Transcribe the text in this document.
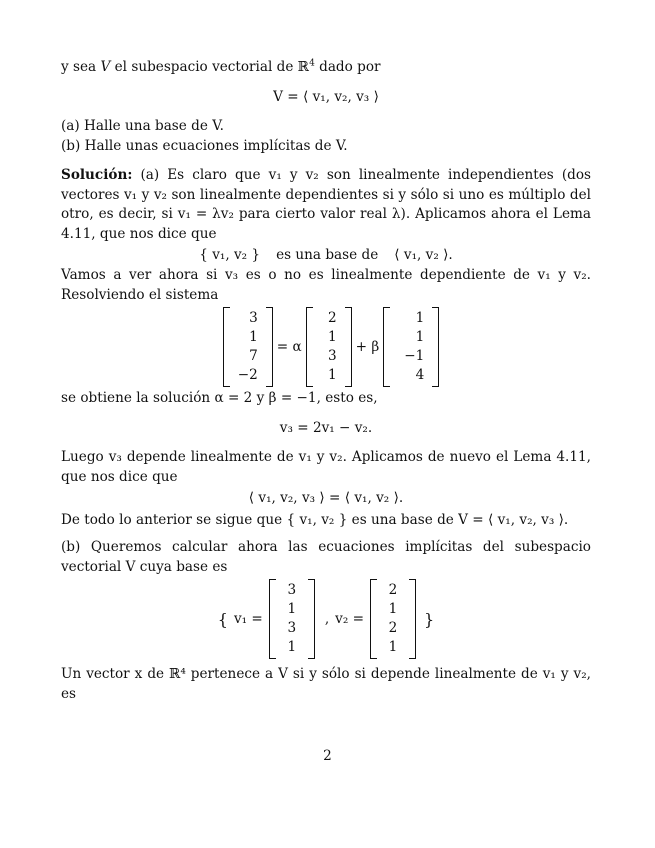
y sea V el subespacio vectorial de ℝ$^4$ dado por
V = ⟨ v₁, v₂, v₃ ⟩
(a) Halle una base de V.
(b) Halle unas ecuaciones implícitas de V.
Solución: (a) Es claro que v₁ y v₂ son linealmente independientes (dos vectores v₁ y v₂ son linealmente dependientes si y sólo si uno es múltiplo del otro, es decir, si v₁ = λv₂ para cierto valor real λ). Aplicamos ahora el Lema 4.11, que nos dice que
{ v₁, v₂ } es una base de ⟨ v₁, v₂ ⟩.
Vamos a ver ahora si v₃ es o no es linealmente dependiente de v₁ y v₂. Resolviendo el sistema
3
1
7
−2
= α
2
1
3
1
+ β
1
1
−1
4
se obtiene la solución α = 2 y β = −1, esto es,
v₃ = 2v₁ − v₂.
Luego v₃ depende linealmente de v₁ y v₂. Aplicamos de nuevo el Lema 4.11, que nos dice que
⟨ v₁, v₂, v₃ ⟩ = ⟨ v₁, v₂ ⟩.
De todo lo anterior se sigue que { v₁, v₂ } es una base de V = ⟨ v₁, v₂, v₃ ⟩.
(b) Queremos calcular ahora las ecuaciones implícitas del subespacio vectorial V cuya base es
{ v₁ =
3
1
3
1
, v₂ =
2
1
2
1
}
Un vector x de ℝ⁴ pertenece a V si y sólo si depende linealmente de v₁ y v₂, es
2
